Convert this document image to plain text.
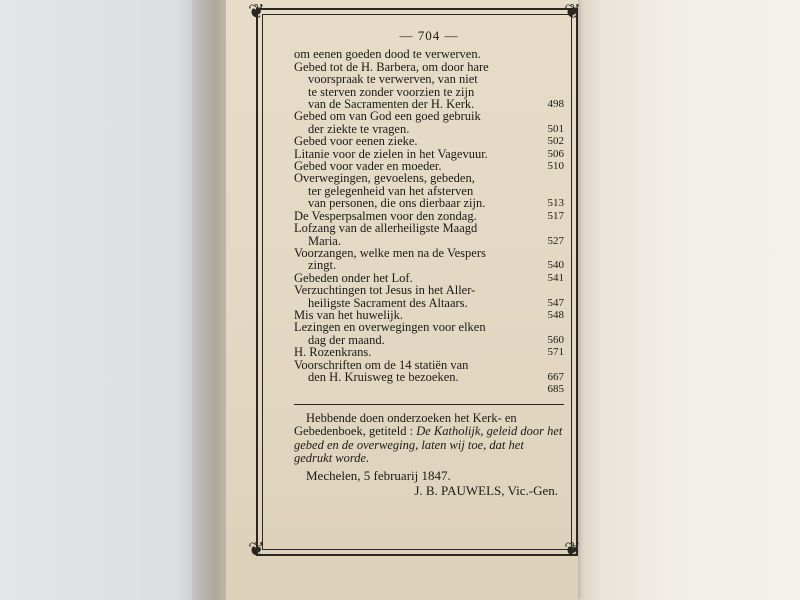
❦	❦
❦	❦
— 704 —
om eenen goeden dood te verwerven.
Gebed tot de H. Barbera, om door hare
voorspraak te verwerven, van niet
te sterven zonder voorzien te zijn
van de Sacramenten der H. Kerk.	498
Gebed om van God een goed gebruik
der ziekte te vragen.	501
Gebed voor eenen zieke.	502
Litanie voor de zielen in het Vagevuur.	506
Gebed voor vader en moeder.	510
Overwegingen, gevoelens, gebeden,
ter gelegenheid van het afsterven
van personen, die ons dierbaar zijn.	513
De Vesperpsalmen voor den zondag.	517
Lofzang van de allerheiligste Maagd
Maria.	527
Voorzangen, welke men na de Vespers
zingt.	540
Gebeden onder het Lof.	541
Verzuchtingen tot Jesus in het Aller-
heiligste Sacrament des Altaars.	547
Mis van het huwelijk.	548
Lezingen en overwegingen voor elken
dag der maand.	560
H. Rozenkrans.	571
Voorschriften om de 14 statiën van
den H. Kruisweg te bezoeken.	667
685
Hebbende doen onderzoeken het Kerk- en Gebedenboek, getiteld : De Katholijk, geleid door het gebed en de overweging, laten wij toe, dat het gedrukt worde.
Mechelen, 5 februarij 1847.
J. B. PAUWELS, Vic.-Gen.
